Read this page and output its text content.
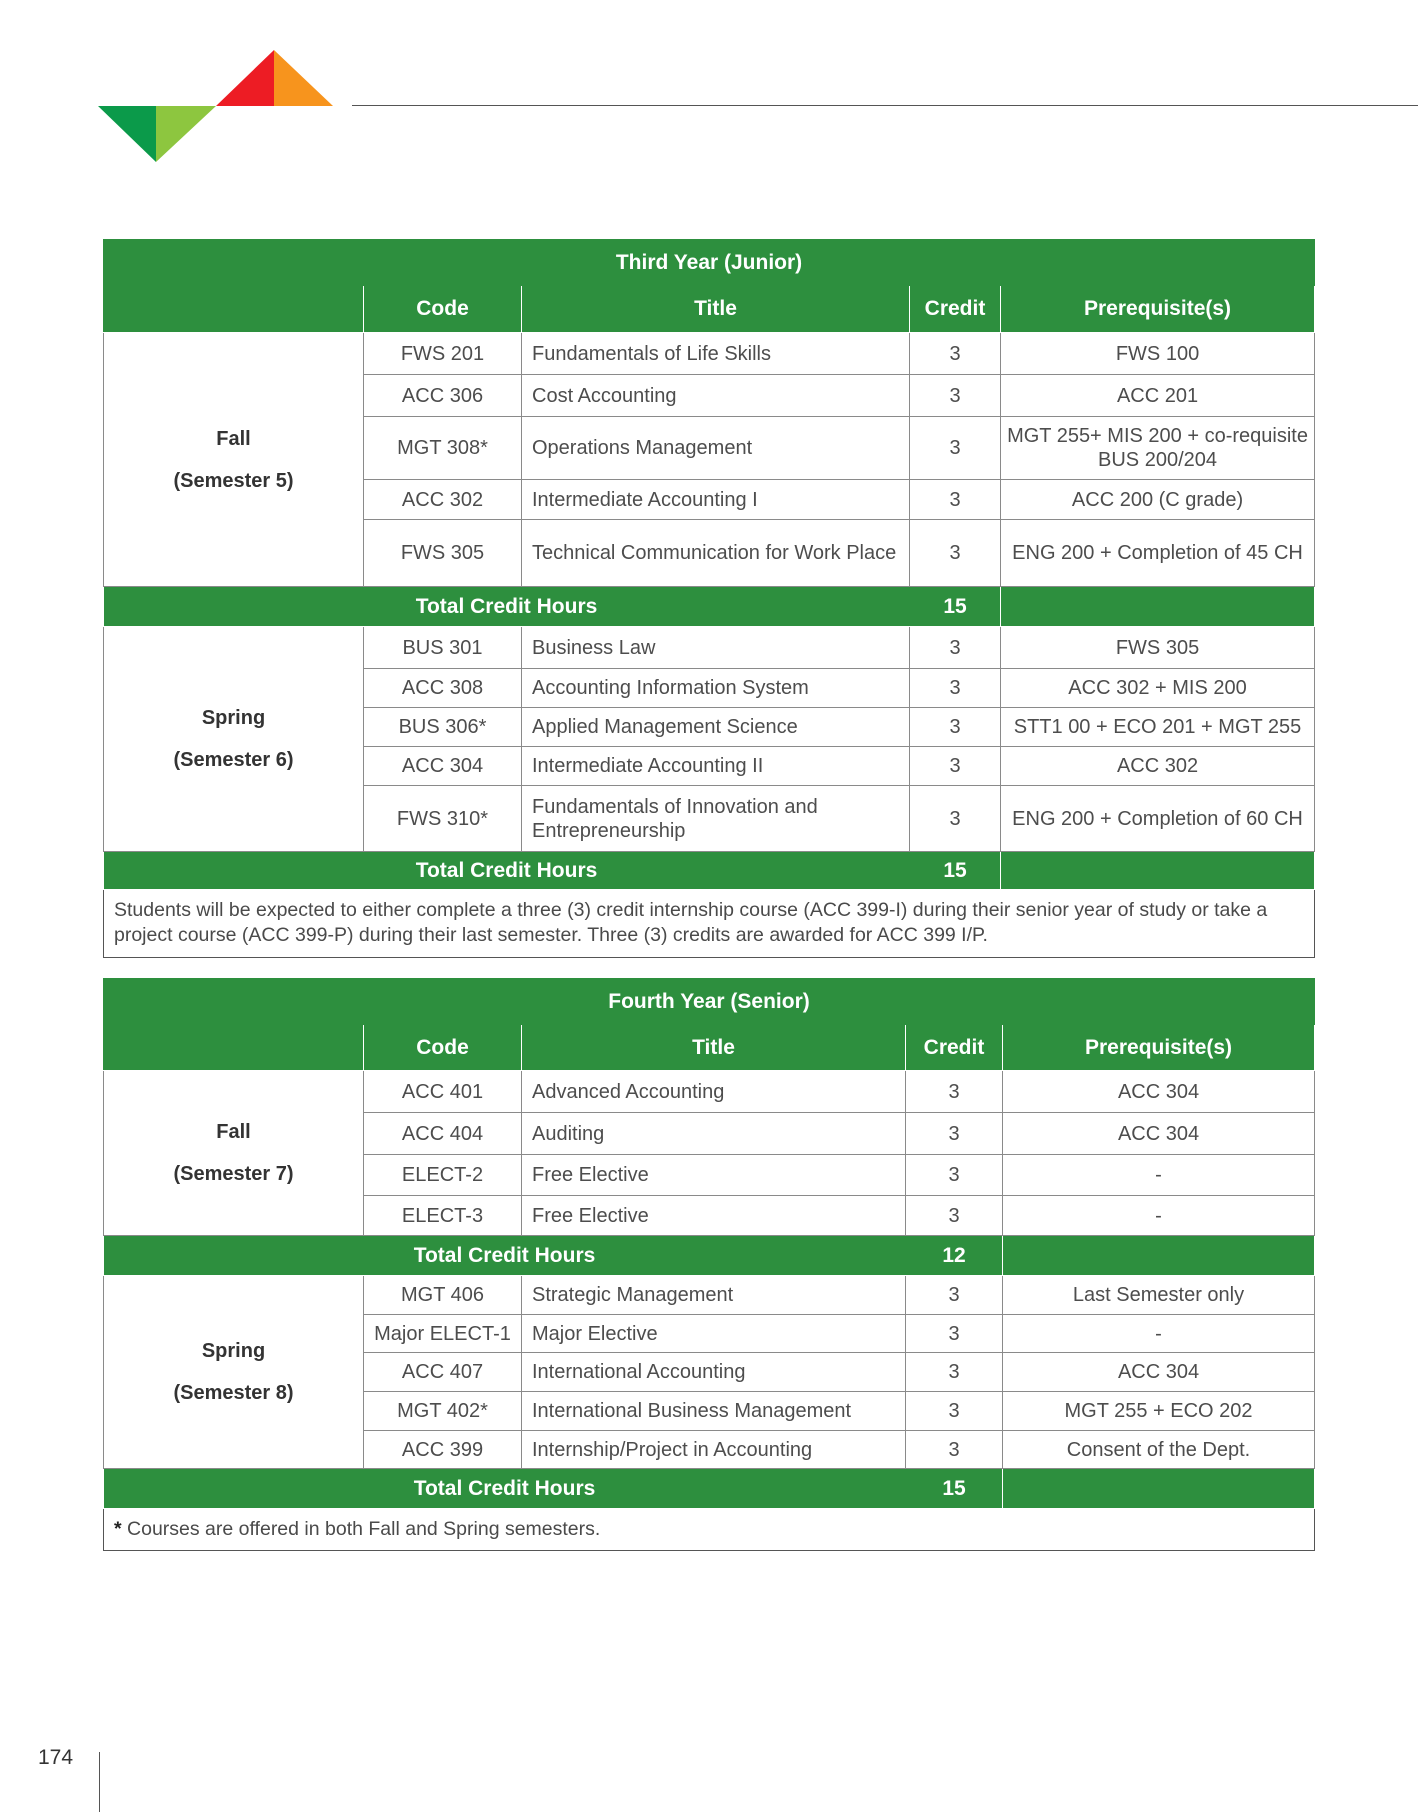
Third Year (Junior)				
	Code	Title	Credit	Prerequisite(s)

Fall
(Semester 5)	FWS 201	Fundamentals of Life Skills	3	FWS 100
	ACC 306	Cost Accounting	3	ACC 201
	MGT 308*	Operations Management	3	MGT 255+ MIS 200 + co-requisite BUS 200/204
	ACC 302	Intermediate Accounting I	3	ACC 200 (C grade)
	FWS 305	Technical Communication for Work Place	3	ENG 200 + Completion of 45 CH
Total Credit Hours			15	

Spring
(Semester 6)	BUS 301	Business Law	3	FWS 305
	ACC 308	Accounting Information System	3	ACC 302 + MIS 200
	BUS 306*	Applied Management Science	3	STT1 00 + ECO 201 + MGT 255
	ACC 304	Intermediate Accounting II	3	ACC 302
	FWS 310*	Fundamentals of Innovation and Entrepreneurship	3	ENG 200 + Completion of 60 CH
Total Credit Hours			15	
Students will be expected to either complete a three (3) credit internship course (ACC 399-I) during their senior year of study or take a project course (ACC 399-P) during their last semester. Three (3) credits are awarded for ACC 399 I/P.				
Fourth Year (Senior)				
	Code	Title	Credit	Prerequisite(s)

Fall
(Semester 7)	ACC 401	Advanced Accounting	3	ACC 304
	ACC 404	Auditing	3	ACC 304
	ELECT-2	Free Elective	3	-
	ELECT-3	Free Elective	3	-
Total Credit Hours			12	

Spring
(Semester 8)	MGT 406	Strategic Management	3	Last Semester only
	Major ELECT-1	Major Elective	3	-
	ACC 407	International Accounting	3	ACC 304
	MGT 402*	International Business Management	3	MGT 255 + ECO 202
	ACC 399	Internship/Project in Accounting	3	Consent of the Dept.
Total Credit Hours			15	
* Courses are offered in both Fall and Spring semesters.				
174
